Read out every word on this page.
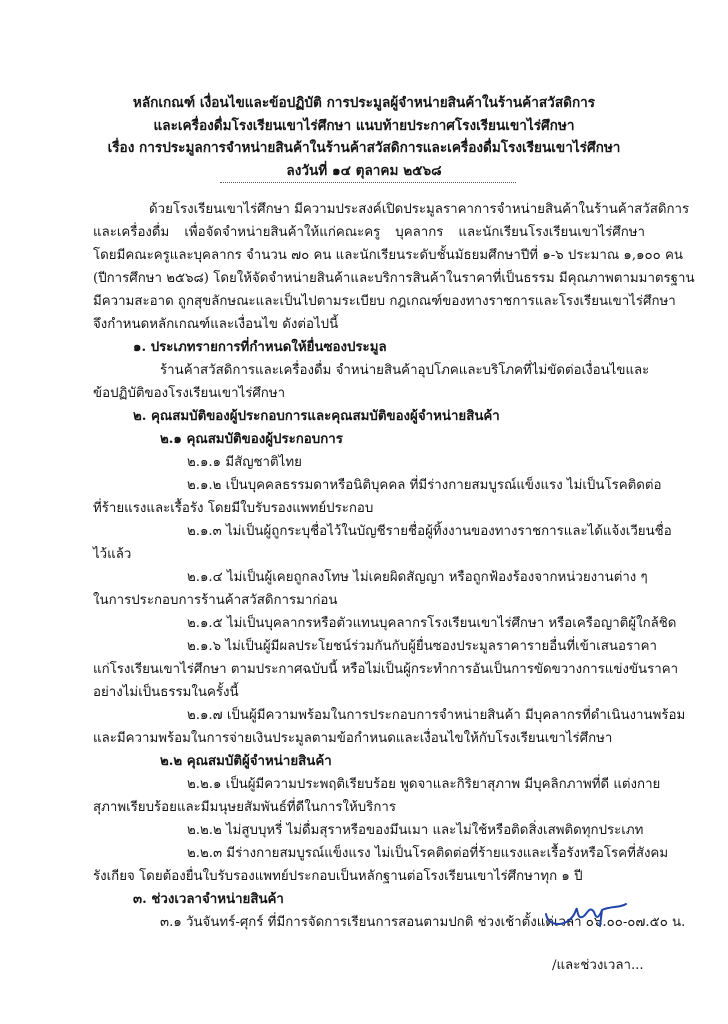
หลักเกณฑ์ เงื่อนไขและข้อปฏิบัติ การประมูลผู้จำหน่ายสินค้าในร้านค้าสวัสดิการ
และเครื่องดื่มโรงเรียนเขาไร่ศึกษา แนบท้ายประกาศโรงเรียนเขาไร่ศึกษา
เรื่อง การประมูลการจำหน่ายสินค้าในร้านค้าสวัสดิการและเครื่องดื่มโรงเรียนเขาไร่ศึกษา
ลงวันที่ ๑๔ ตุลาคม ๒๕๖๘
ด้วยโรงเรียนเขาไร่ศึกษา มีความประสงค์เปิดประมูลราคาการจำหน่ายสินค้าในร้านค้าสวัสดิการ
และเครื่องดื่ม เพื่อจัดจำหน่ายสินค้าให้แก่คณะครู บุคลากร และนักเรียนโรงเรียนเขาไร่ศึกษา
โดยมีคณะครูและบุคลากร จำนวน ๗๐ คน และนักเรียนระดับชั้นมัธยมศึกษาปีที่ ๑-๖ ประมาณ ๑,๑๐๐ คน
(ปีการศึกษา ๒๕๖๘) โดยให้จัดจำหน่ายสินค้าและบริการสินค้าในราคาที่เป็นธรรม มีคุณภาพตามมาตรฐาน
มีความสะอาด ถูกสุขลักษณะและเป็นไปตามระเบียบ กฎเกณฑ์ของทางราชการและโรงเรียนเขาไร่ศึกษา
จึงกำหนดหลักเกณฑ์และเงื่อนไข ดังต่อไปนี้
๑. ประเภทรายการที่กำหนดให้ยื่นซองประมูล
ร้านค้าสวัสดิการและเครื่องดื่ม จำหน่ายสินค้าอุปโภคและบริโภคที่ไม่ขัดต่อเงื่อนไขและ
ข้อปฏิบัติของโรงเรียนเขาไร่ศึกษา
๒. คุณสมบัติของผู้ประกอบการและคุณสมบัติของผู้จำหน่ายสินค้า
๒.๑ คุณสมบัติของผู้ประกอบการ
๒.๑.๑ มีสัญชาติไทย
๒.๑.๒ เป็นบุคคลธรรมดาหรือนิติบุคคล ที่มีร่างกายสมบูรณ์แข็งแรง ไม่เป็นโรคติดต่อ
ที่ร้ายแรงและเรื้อรัง โดยมีใบรับรองแพทย์ประกอบ
๒.๑.๓ ไม่เป็นผู้ถูกระบุชื่อไว้ในบัญชีรายชื่อผู้ทิ้งงานของทางราชการและได้แจ้งเวียนชื่อ
ไว้แล้ว
๒.๑.๔ ไม่เป็นผู้เคยถูกลงโทษ ไม่เคยผิดสัญญา หรือถูกฟ้องร้องจากหน่วยงานต่าง ๆ
ในการประกอบการร้านค้าสวัสดิการมาก่อน
๒.๑.๕ ไม่เป็นบุคลากรหรือตัวแทนบุคลากรโรงเรียนเขาไร่ศึกษา หรือเครือญาติผู้ใกล้ชิด
๒.๑.๖ ไม่เป็นผู้มีผลประโยชน์ร่วมกันกับผู้ยื่นซองประมูลราคารายอื่นที่เข้าเสนอราคา
แก่โรงเรียนเขาไร่ศึกษา ตามประกาศฉบับนี้ หรือไม่เป็นผู้กระทำการอันเป็นการขัดขวางการแข่งขันราคา
อย่างไม่เป็นธรรมในครั้งนี้
๒.๑.๗ เป็นผู้มีความพร้อมในการประกอบการจำหน่ายสินค้า มีบุคลากรที่ดำเนินงานพร้อม
และมีความพร้อมในการจ่ายเงินประมูลตามข้อกำหนดและเงื่อนไขให้กับโรงเรียนเขาไร่ศึกษา
๒.๒ คุณสมบัติผู้จำหน่ายสินค้า
๒.๒.๑ เป็นผู้มีความประพฤติเรียบร้อย พูดจาและกิริยาสุภาพ มีบุคลิกภาพที่ดี แต่งกาย
สุภาพเรียบร้อยและมีมนุษยสัมพันธ์ที่ดีในการให้บริการ
๒.๒.๒ ไม่สูบบุหรี่ ไม่ดื่มสุราหรือของมึนเมา และไม่ใช้หรือติดสิ่งเสพติดทุกประเภท
๒.๒.๓ มีร่างกายสมบูรณ์แข็งแรง ไม่เป็นโรคติดต่อที่ร้ายแรงและเรื้อรังหรือโรคที่สังคม
รังเกียจ โดยต้องยื่นใบรับรองแพทย์ประกอบเป็นหลักฐานต่อโรงเรียนเขาไร่ศึกษาทุก ๑ ปี
๓. ช่วงเวลาจำหน่ายสินค้า
๓.๑ วันจันทร์-ศุกร์ ที่มีการจัดการเรียนการสอนตามปกติ ช่วงเช้าตั้งแต่เวลา ๐๖.๐๐-๐๗.๕๐ น.
/และช่วงเวลา...
